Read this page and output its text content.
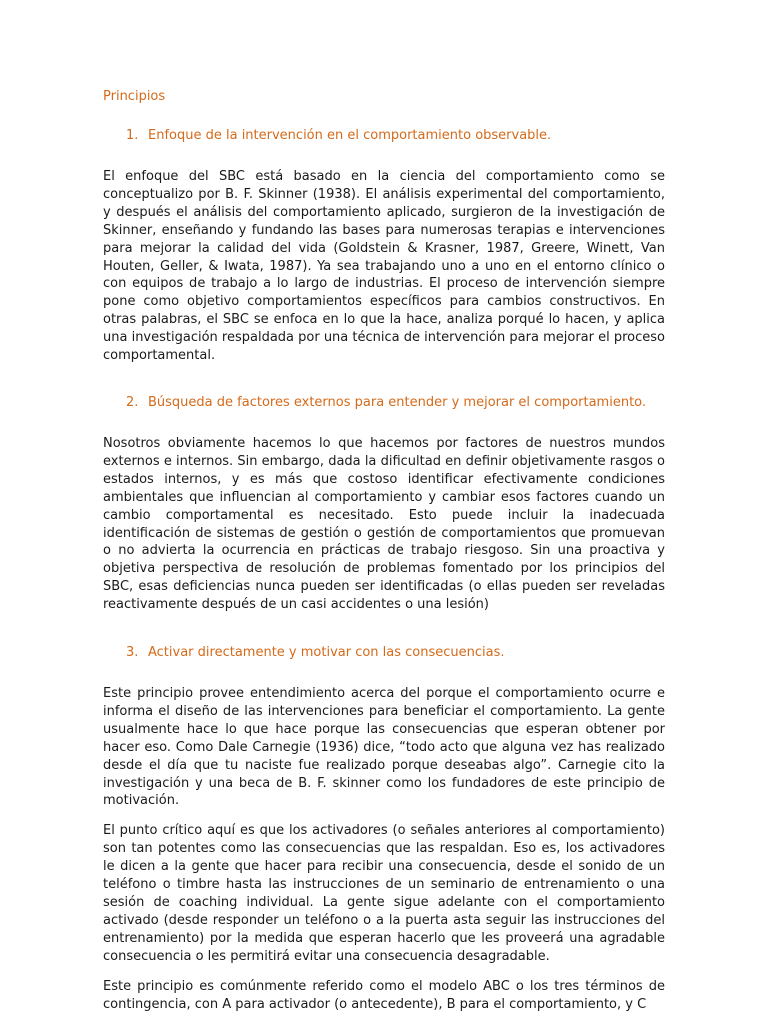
Principios

1. Enfoque de la intervención en el comportamiento observable.

El enfoque del SBC está basado en la ciencia del comportamiento como se conceptualizo por B. F. Skinner (1938). El análisis experimental del comportamiento, y después el análisis del comportamiento aplicado, surgieron de la investigación de Skinner, enseñando y fundando las bases para numerosas terapias e intervenciones para mejorar la calidad del vida (Goldstein & Krasner, 1987, Greere, Winett, Van Houten, Geller, & Iwata, 1987). Ya sea trabajando uno a uno en el entorno clínico o con equipos de trabajo a lo largo de industrias. El proceso de intervención siempre pone como objetivo comportamientos específicos para cambios constructivos. En otras palabras, el SBC se enfoca en lo que la hace, analiza porqué lo hacen, y aplica una investigación respaldada por una técnica de intervención para mejorar el proceso comportamental.

2. Búsqueda de factores externos para entender y mejorar el comportamiento.

Nosotros obviamente hacemos lo que hacemos por factores de nuestros mundos externos e internos. Sin embargo, dada la dificultad en definir objetivamente rasgos o estados internos, y es más que costoso identificar efectivamente condiciones ambientales que influencian al comportamiento y cambiar esos factores cuando un cambio comportamental es necesitado. Esto puede incluir la inadecuada identificación de sistemas de gestión o gestión de comportamientos que promuevan o no advierta la ocurrencia en prácticas de trabajo riesgoso. Sin una proactiva y objetiva perspectiva de resolución de problemas fomentado por los principios del SBC, esas deficiencias nunca pueden ser identificadas (o ellas pueden ser reveladas reactivamente después de un casi accidentes o una lesión)

3. Activar directamente y motivar con las consecuencias.

Este principio provee entendimiento acerca del porque el comportamiento ocurre e informa el diseño de las intervenciones para beneficiar el comportamiento. La gente usualmente hace lo que hace porque las consecuencias que esperan obtener por hacer eso. Como Dale Carnegie (1936) dice, “todo acto que alguna vez has realizado desde el día que tu naciste fue realizado porque deseabas algo”. Carnegie cito la investigación y una beca de B. F. skinner como los fundadores de este principio de motivación.

El punto crítico aquí es que los activadores (o señales anteriores al comportamiento) son tan potentes como las consecuencias que las respaldan. Eso es, los activadores le dicen a la gente que hacer para recibir una consecuencia, desde el sonido de un teléfono o timbre hasta las instrucciones de un seminario de entrenamiento o una sesión de coaching individual. La gente sigue adelante con el comportamiento activado (desde responder un teléfono o a la puerta asta seguir las instrucciones del entrenamiento) por la medida que esperan hacerlo que les proveerá una agradable consecuencia o les permitirá evitar una consecuencia desagradable.

Este principio es comúnmente referido como el modelo ABC o los tres términos de contingencia, con A para activador (o antecedente), B para el comportamiento, y C
